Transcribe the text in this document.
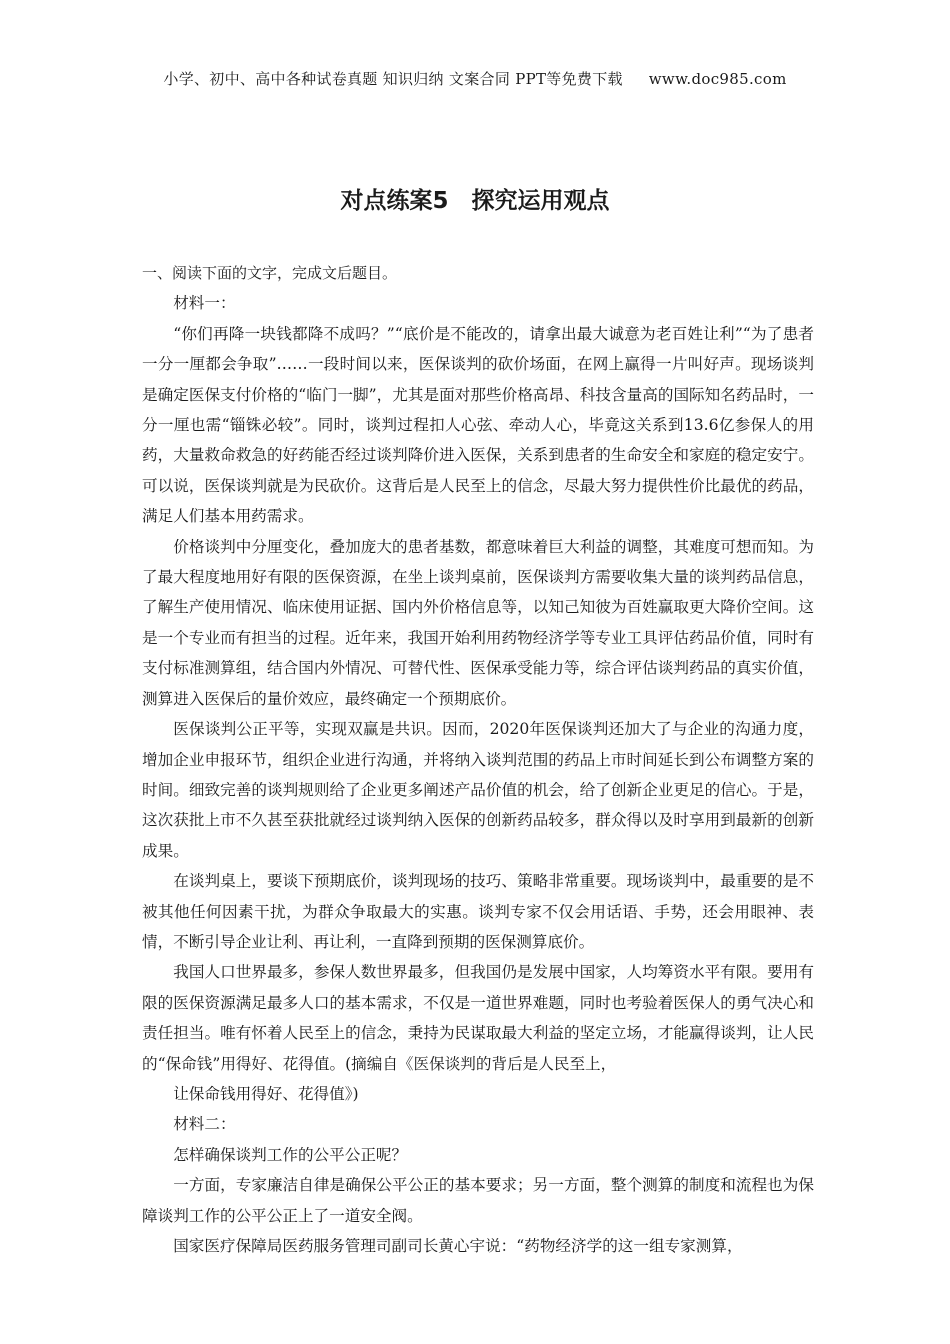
小学、初中、高中各种试卷真题 知识归纳 文案合同 PPT等免费下载 www.doc985.com
对点练案5　探究运用观点

一、阅读下面的文字，完成文后题目。

材料一：

“你们再降一块钱都降不成吗？”“底价是不能改的，请拿出最大诚意为老百姓让利”“为了患者一分一厘都会争取”……一段时间以来，医保谈判的砍价场面，在网上赢得一片叫好声。现场谈判是确定医保支付价格的“临门一脚”，尤其是面对那些价格高昂、科技含量高的国际知名药品时，一分一厘也需“锱铢必较”。同时，谈判过程扣人心弦、牵动人心，毕竟这关系到13.6亿参保人的用药，大量救命救急的好药能否经过谈判降价进入医保，关系到患者的生命安全和家庭的稳定安宁。可以说，医保谈判就是为民砍价。这背后是人民至上的信念，尽最大努力提供性价比最优的药品，满足人们基本用药需求。

价格谈判中分厘变化，叠加庞大的患者基数，都意味着巨大利益的调整，其难度可想而知。为了最大程度地用好有限的医保资源，在坐上谈判桌前，医保谈判方需要收集大量的谈判药品信息，了解生产使用情况、临床使用证据、国内外价格信息等，以知己知彼为百姓赢取更大降价空间。这是一个专业而有担当的过程。近年来，我国开始利用药物经济学等专业工具评估药品价值，同时有支付标准测算组，结合国内外情况、可替代性、医保承受能力等，综合评估谈判药品的真实价值，测算进入医保后的量价效应，最终确定一个预期底价。

医保谈判公正平等，实现双赢是共识。因而，2020年医保谈判还加大了与企业的沟通力度，增加企业申报环节，组织企业进行沟通，并将纳入谈判范围的药品上市时间延长到公布调整方案的时间。细致完善的谈判规则给了企业更多阐述产品价值的机会，给了创新企业更足的信心。于是，这次获批上市不久甚至获批就经过谈判纳入医保的创新药品较多，群众得以及时享用到最新的创新成果。

在谈判桌上，要谈下预期底价，谈判现场的技巧、策略非常重要。现场谈判中，最重要的是不被其他任何因素干扰，为群众争取最大的实惠。谈判专家不仅会用话语、手势，还会用眼神、表情，不断引导企业让利、再让利，一直降到预期的医保测算底价。

我国人口世界最多，参保人数世界最多，但我国仍是发展中国家，人均筹资水平有限。要用有限的医保资源满足最多人口的基本需求，不仅是一道世界难题，同时也考验着医保人的勇气决心和责任担当。唯有怀着人民至上的信念，秉持为民谋取最大利益的坚定立场，才能赢得谈判，让人民的“保命钱”用得好、花得值。(摘编自《医保谈判的背后是人民至上，

让保命钱用得好、花得值》)

材料二：

怎样确保谈判工作的公平公正呢？

一方面，专家廉洁自律是确保公平公正的基本要求；另一方面，整个测算的制度和流程也为保障谈判工作的公平公正上了一道安全阀。

国家医疗保障局医药服务管理司副司长黄心宇说：“药物经济学的这一组专家测算，
